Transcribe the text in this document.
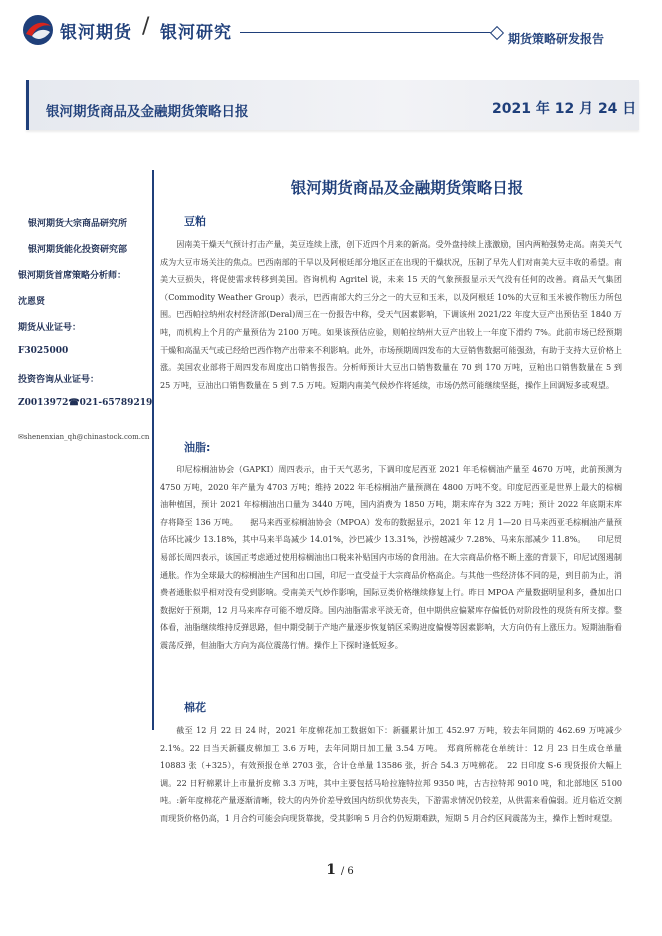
银河期货 / 银河研究	期货策略研发报告
银河期货商品及金融期货策略日报	2021 年 12 月 24 日
银河期货大宗商品研究所
银河期货能化投资研究部
银河期货首席策略分析师：
沈恩贤
期货从业证号：
F3025000
投资咨询从业证号：
Z0013972☎021-65789219
✉shenenxian_qh@chinastock.com.cn
银河期货商品及金融期货策略日报
豆粕
因南美干燥天气预计打击产量，美豆连续上涨，创下近四个月来的新高。受外盘持续上涨激励，国内两粕强势走高。南美天气成为大豆市场关注的焦点。巴西南部的干旱以及阿根廷部分地区正在出现的干燥状况，压制了早先人们对南美大豆丰收的希望。南美大豆损失，将促使需求转移到美国。咨询机构 Agritel 说，未来 15 天的气象预报显示天气没有任何的改善。商品天气集团（Commodity Weather Group）表示，巴西南部大约三分之一的大豆和玉米，以及阿根廷 10%的大豆和玉米被作物压力所包围。巴西帕拉纳州农村经济部(Deral)周三在一份报告中称，受天气因素影响，下调该州 2021/22 年度大豆产出预估至 1840 万吨，而机构上个月的产量预估为 2100 万吨。如果该预估应验，则帕拉纳州大豆产出较上一年度下滑约 7%。此前市场已经预期干燥和高温天气或已经给巴西作物产出带来不利影响。此外，市场预期周四发布的大豆销售数据可能强劲，有助于支持大豆价格上涨。美国农业部将于周四发布周度出口销售报告。分析师预计大豆出口销售数量在 70 到 170 万吨，豆粕出口销售数量在 5 到 25 万吨，豆油出口销售数量在 5 到 7.5 万吨。短期内南美气候炒作将延续，市场仍然可能继续坚挺，操作上回调短多或观望。
油脂:
印尼棕榈油协会（GAPKI）周四表示，由于天气恶劣，下调印度尼西亚 2021 年毛棕榈油产量至 4670 万吨，此前预测为 4750 万吨，2020 年产量为 4703 万吨；维持 2022 年毛棕榈油产量预测在 4800 万吨不变。印度尼西亚是世界上最大的棕榈油种植国，预计 2021 年棕榈油出口量为 3440 万吨，国内消费为 1850 万吨，期末库存为 322 万吨；预计 2022 年底期末库存将降至 136 万吨。　　据马来西亚棕榈油协会（MPOA）发布的数据显示，2021 年 12 月 1—20 日马来西亚毛棕榈油产量预估环比减少 13.18%，其中马来半岛减少 14.01%，沙巴减少 13.31%，沙捞越减少 7.28%、马来东部减少 11.8%。　　印尼贸易部长周四表示，该国正考虑通过使用棕榈油出口税来补贴国内市场的食用油。在大宗商品价格不断上涨的背景下，印尼试图遏制通胀。作为全球最大的棕榈油生产国和出口国，印尼一直受益于大宗商品价格高企。与其他一些经济体不同的是，到目前为止，消费者通胀似乎相对没有受到影响。受南美天气炒作影响，国际豆类价格继续修复上行。昨日 MPOA 产量数据明显利多，叠加出口数据好于预期，12 月马来库存可能不增反降。国内油脂需求平淡无奇，但中期供应偏紧库存偏低仍对阶段性的现货有所支撑。整体看，油脂继续维持反弹思路，但中期受制于产地产量逐步恢复销区采购进度偏慢等因素影响，大方向仍有上涨压力。短期油脂看震荡反弹，但油脂大方向为高位震荡行情。操作上下探时逢低短多。
棉花
截至 12 月 22 日 24 时，2021 年度棉花加工数据如下：新疆累计加工 452.97 万吨，较去年同期的 462.69 万吨减少 2.1%。22 日当天新疆皮棉加工 3.6 万吨，去年同期日加工量 3.54 万吨。　郑商所棉花仓单统计：12 月 23 日生成仓单量 10883 张（+325），有效预报仓单 2703 张，合计仓单量 13586 张，折合 54.3 万吨棉花。　22 日印度 S-6 现货报价大幅上调。22 日籽棉累计上市量折皮棉 3.3 万吨，其中主要包括马哈拉施特拉邦 9350 吨，古吉拉特邦 9010 吨，和北部地区 5100 吨。:新年度棉花产量逐渐清晰，较大的内外价差导致国内纺织优势丧失，下游需求情况仍较差，从供需来看偏弱。近月临近交割而现货价格仍高，1 月合约可能会向现货靠拢，受其影响 5 月合约仍短期难跌，短期 5 月合约区间震荡为主，操作上暂时观望。
1 / 6
